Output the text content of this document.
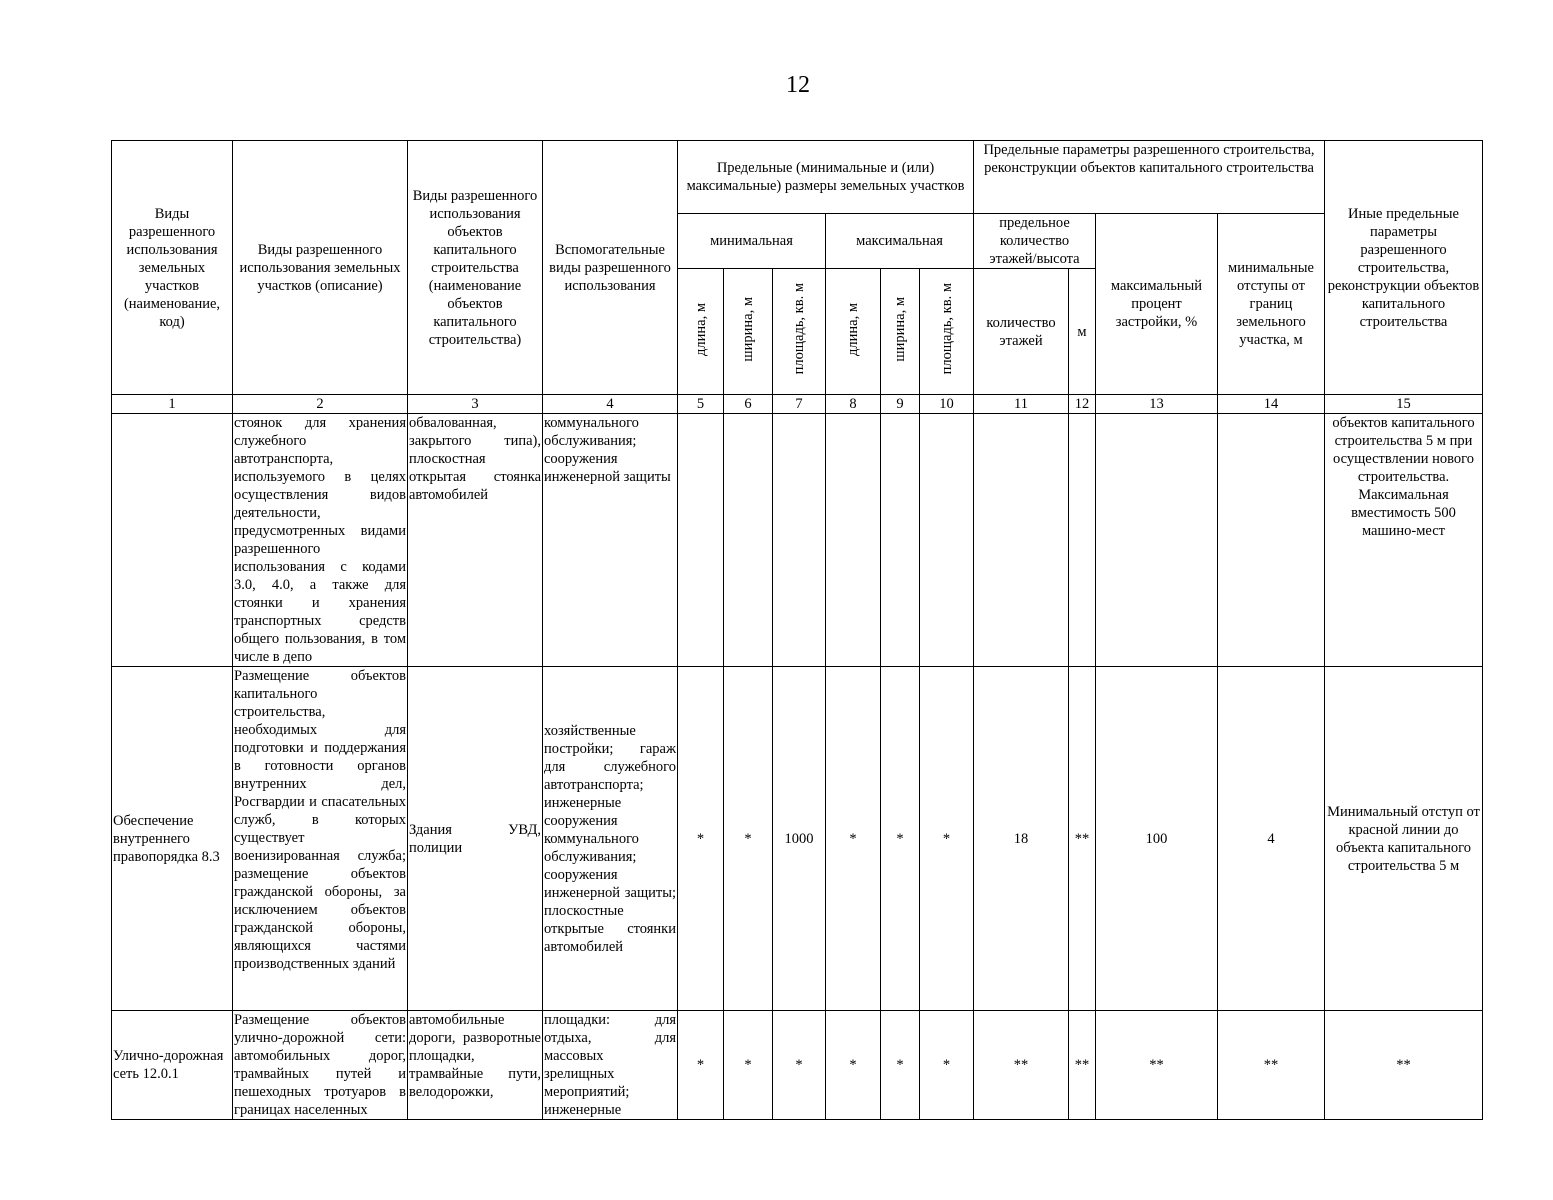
12
Виды разрешенного использования земельных участков (наименование, код)	Виды разрешенного использования земельных участков (описание)	Виды разрешенного использования объектов капитального строительства (наименование объектов капитального строительства)	Вспомогательные виды разрешенного использования	Предельные (минимальные и (или) максимальные) размеры земельных участков						Предельные параметры разрешенного строительства, реконструкции объектов капитального строительства				Иные предельные параметры разрешенного строительства, реконструкции объектов капитального строительства
				минимальная			максимальная			предельное количество этажей/высота		максимальный процент застройки, %	минимальные отступы от границ земельного участка, м	
				длина, м	ширина, м	площадь, кв. м	длина, м	ширина, м	площадь, кв. м	количество этажей	м			

1	2	3	4	5	6	7	8	9	10	11	12	13	14	15
	стоянок для хранения служебного автотранспорта, используемого в целях осуществления видов деятельности, предусмотренных видами разрешенного использования с кодами 3.0, 4.0, а также для стоянки и хранения транспортных средств общего пользования, в том числе в депо	обвалованная, закрытого типа), плоскостная открытая стоянка автомобилей	коммунального обслуживания; сооружения инженерной защиты											объектов капитального строительства 5 м при осуществлении нового строительства. Максимальная вместимость 500 машино-мест
Обеспечение внутреннего правопорядка 8.3	Размещение объектов капитального строительства, необходимых для подготовки и поддержания в готовности органов внутренних дел, Росгвардии и спасательных служб, в которых существует военизированная служба; размещение объектов гражданской обороны, за исключением объектов гражданской обороны, являющихся частями производственных зданий	Здания УВД, полиции	хозяйственные постройки; гараж для служебного автотранспорта; инженерные сооружения коммунального обслуживания; сооружения инженерной защиты; плоскостные открытые стоянки автомобилей	*	*	1000	*	*	*	18	**	100	4	Минимальный отступ от красной линии до объекта капитального строительства 5 м
Улично-дорожная сеть 12.0.1	Размещение объектов улично-дорожной сети: автомобильных дорог, трамвайных путей и пешеходных тротуаров в границах населенных	автомобильные дороги, разворотные площадки, трамвайные пути, велодорожки,	площадки: для отдыха, для массовых зрелищных мероприятий; инженерные	*	*	*	*	*	*	**	**	**	**	**
